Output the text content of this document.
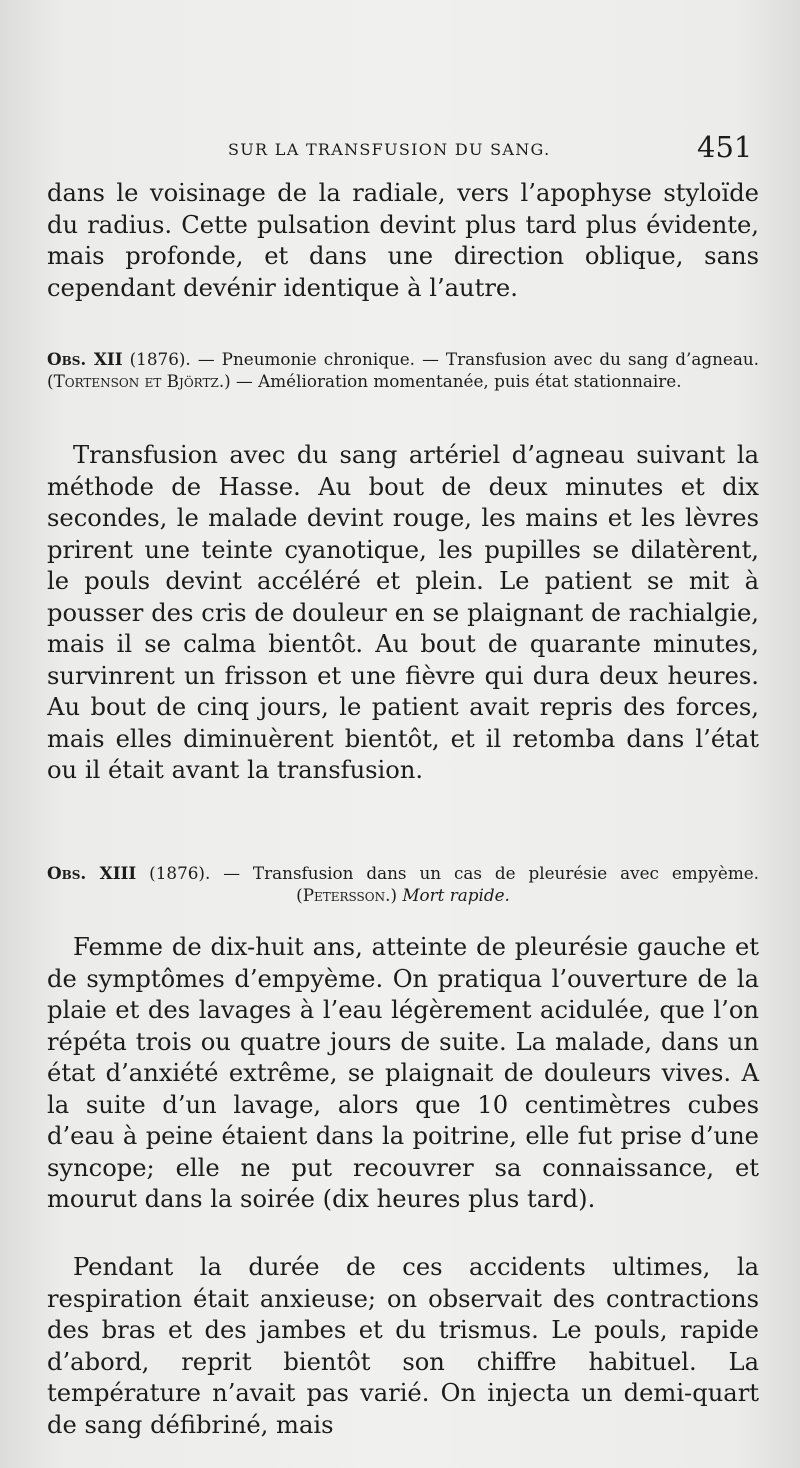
SUR LA TRANSFUSION DU SANG.	451

dans le voisinage de la radiale, vers l’apophyse styloïde du radius. Cette pulsation devint plus tard plus évidente, mais profonde, et dans une direction oblique, sans cependant devénir identique à l’autre.

Obs. XII (1876). — Pneumonie chronique. — Transfusion avec du sang d’agneau. (Tortenson et Björtz.) — Amélioration momentanée, puis état stationnaire.

Transfusion avec du sang artériel d’agneau suivant la méthode de Hasse. Au bout de deux minutes et dix secondes, le malade devint rouge, les mains et les lèvres prirent une teinte cyanotique, les pupilles se dilatèrent, le pouls devint accéléré et plein. Le patient se mit à pousser des cris de douleur en se plaignant de rachialgie, mais il se calma bientôt. Au bout de quarante minutes, survinrent un frisson et une fièvre qui dura deux heures. Au bout de cinq jours, le patient avait repris des forces, mais elles diminuèrent bientôt, et il retomba dans l’état ou il était avant la transfusion.

Obs. XIII (1876). — Transfusion dans un cas de pleurésie avec empyème. (Petersson.) Mort rapide.

Femme de dix-huit ans, atteinte de pleurésie gauche et de symptômes d’empyème. On pratiqua l’ouverture de la plaie et des lavages à l’eau légèrement acidulée, que l’on répéta trois ou quatre jours de suite. La malade, dans un état d’anxiété extrême, se plaignait de douleurs vives. A la suite d’un lavage, alors que 10 centimètres cubes d’eau à peine étaient dans la poitrine, elle fut prise d’une syncope; elle ne put recouvrer sa connaissance, et mourut dans la soirée (dix heures plus tard).

Pendant la durée de ces accidents ultimes, la respiration était anxieuse; on observait des contractions des bras et des jambes et du trismus. Le pouls, rapide d’abord, reprit bientôt son chiffre habituel. La température n’avait pas varié. On injecta un demi-quart de sang défibriné, mais
